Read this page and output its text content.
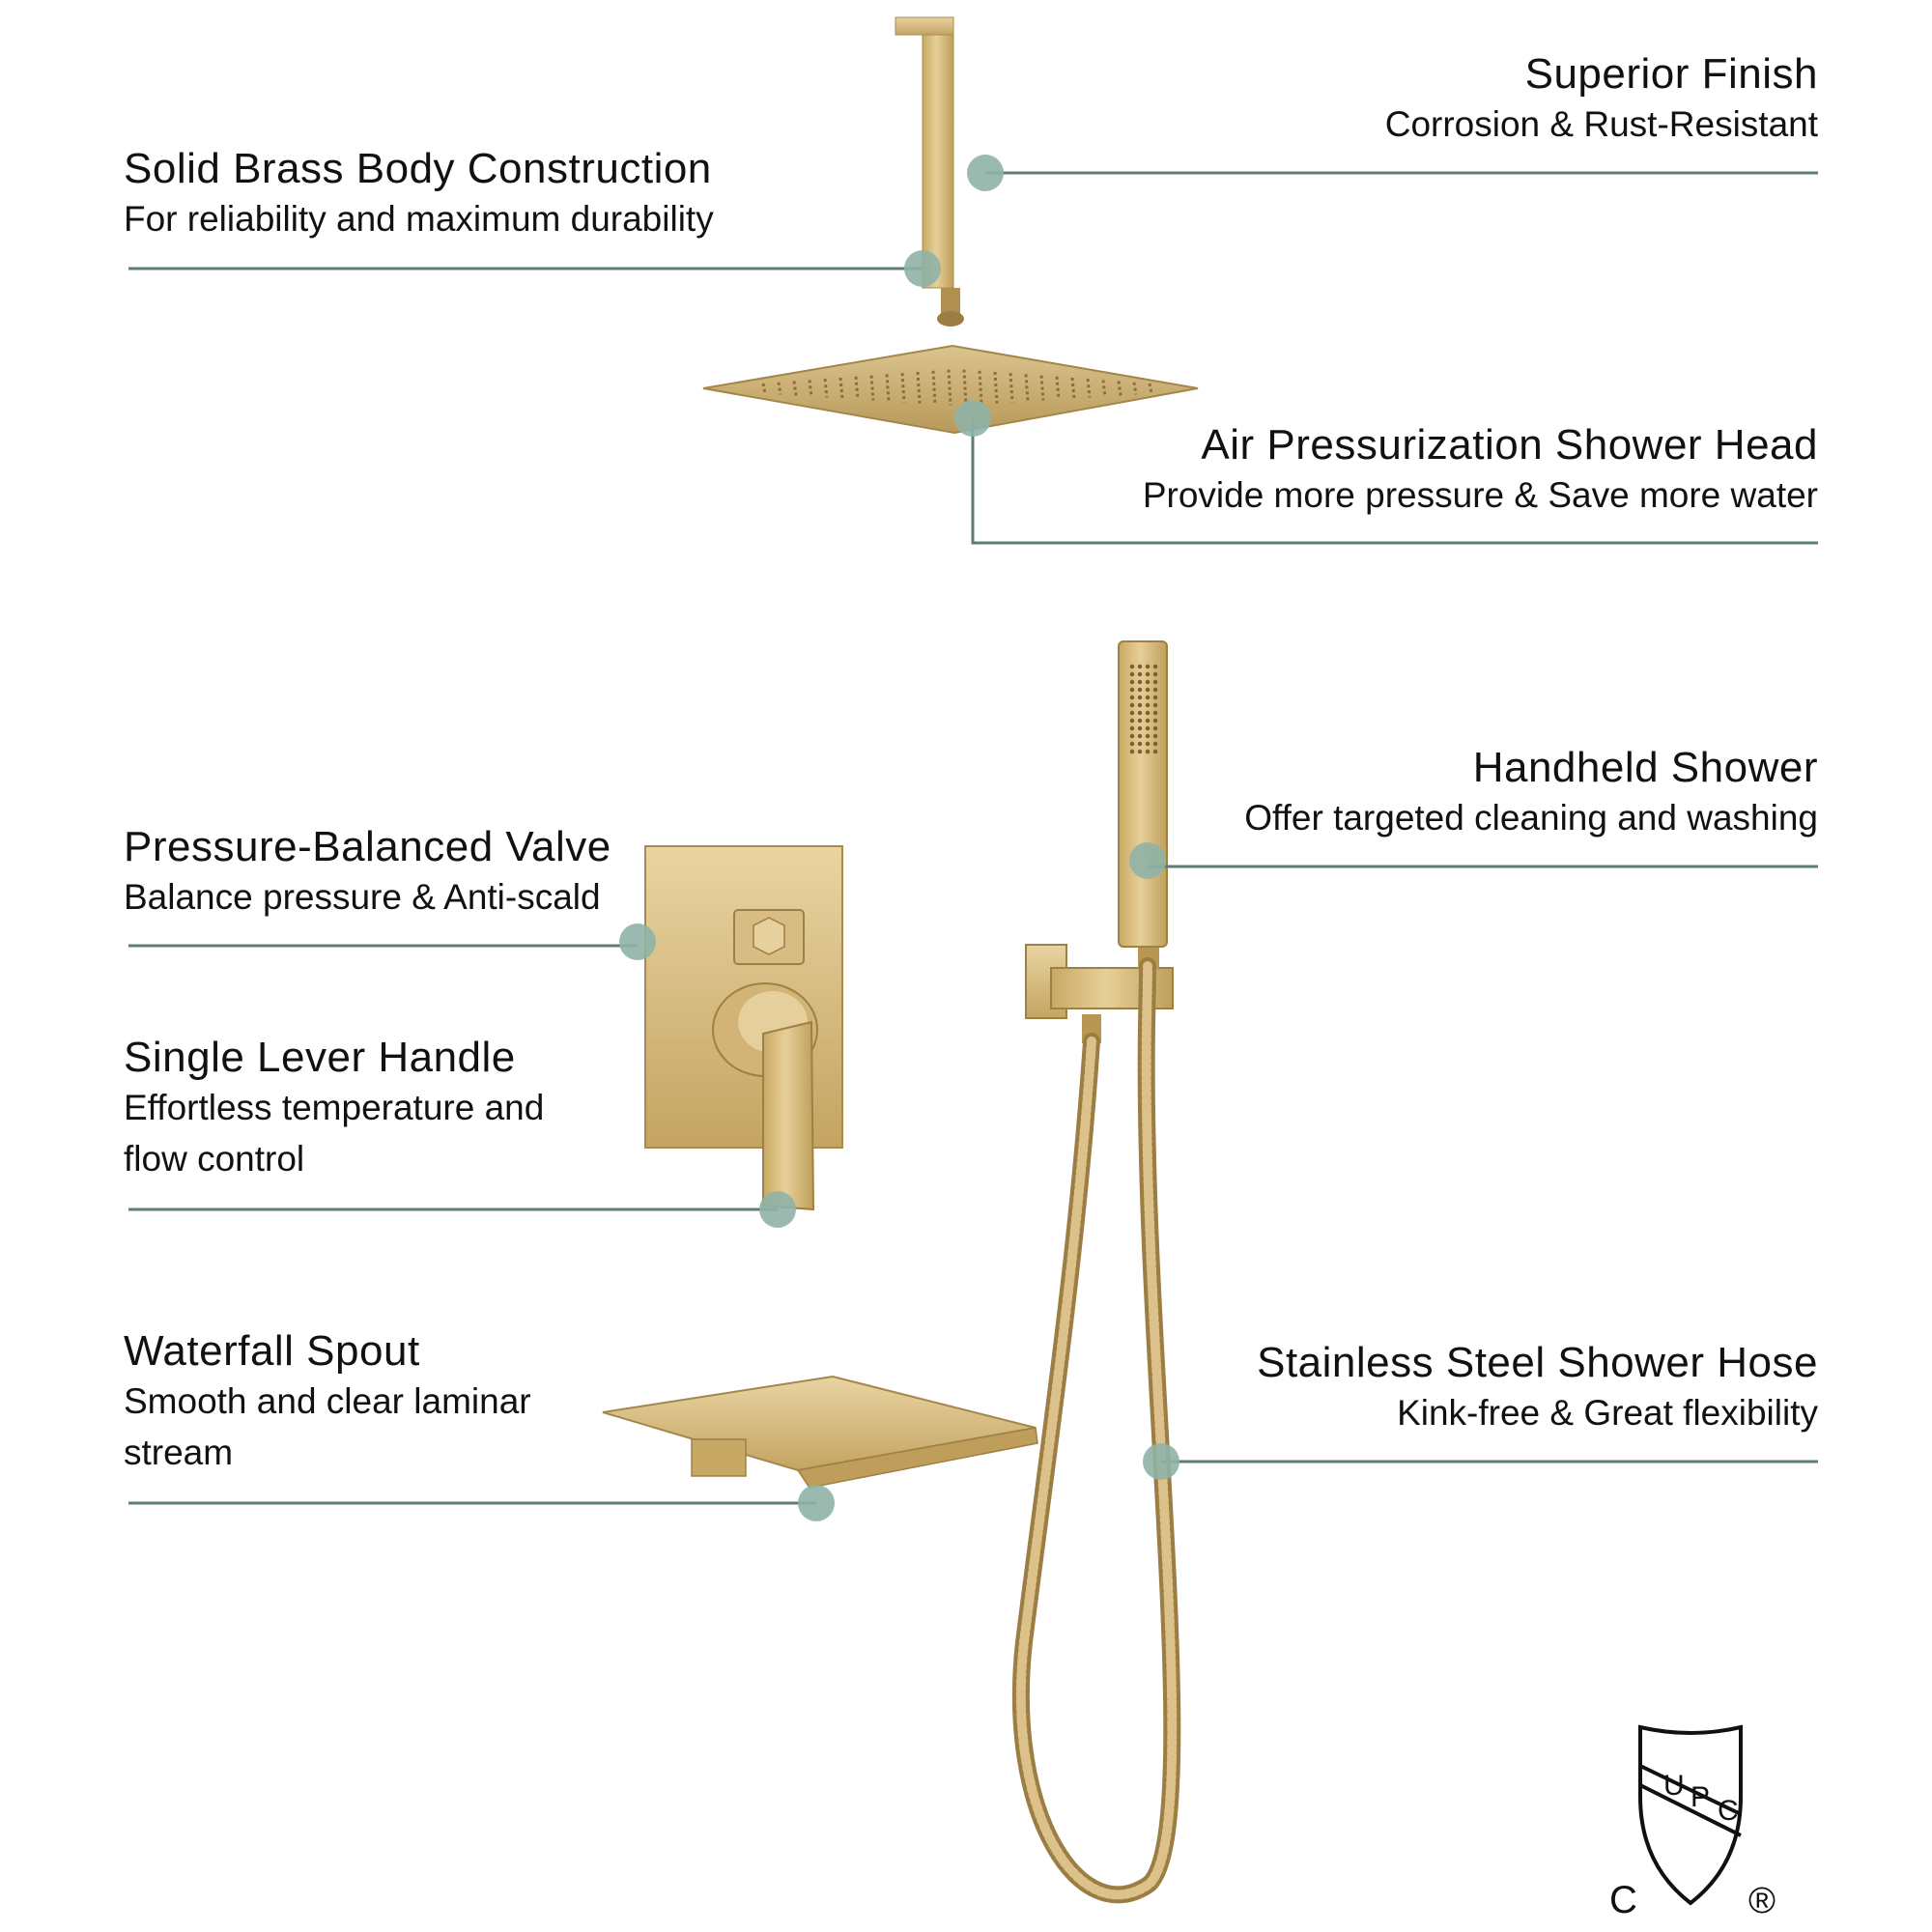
Superior Finish
Corrosion & Rust-Resistant
Solid Brass Body Construction
For reliability and maximum durability
Air Pressurization Shower Head
Provide more pressure & Save more water
Handheld Shower
Offer targeted cleaning and washing
Pressure-Balanced Valve
Balance pressure & Anti-scald
Single Lever Handle
Effortless temperature and
flow control
Waterfall Spout
Smooth and clear laminar
stream
Stainless Steel Shower Hose
Kink-free & Great flexibility
U P C
C	®
